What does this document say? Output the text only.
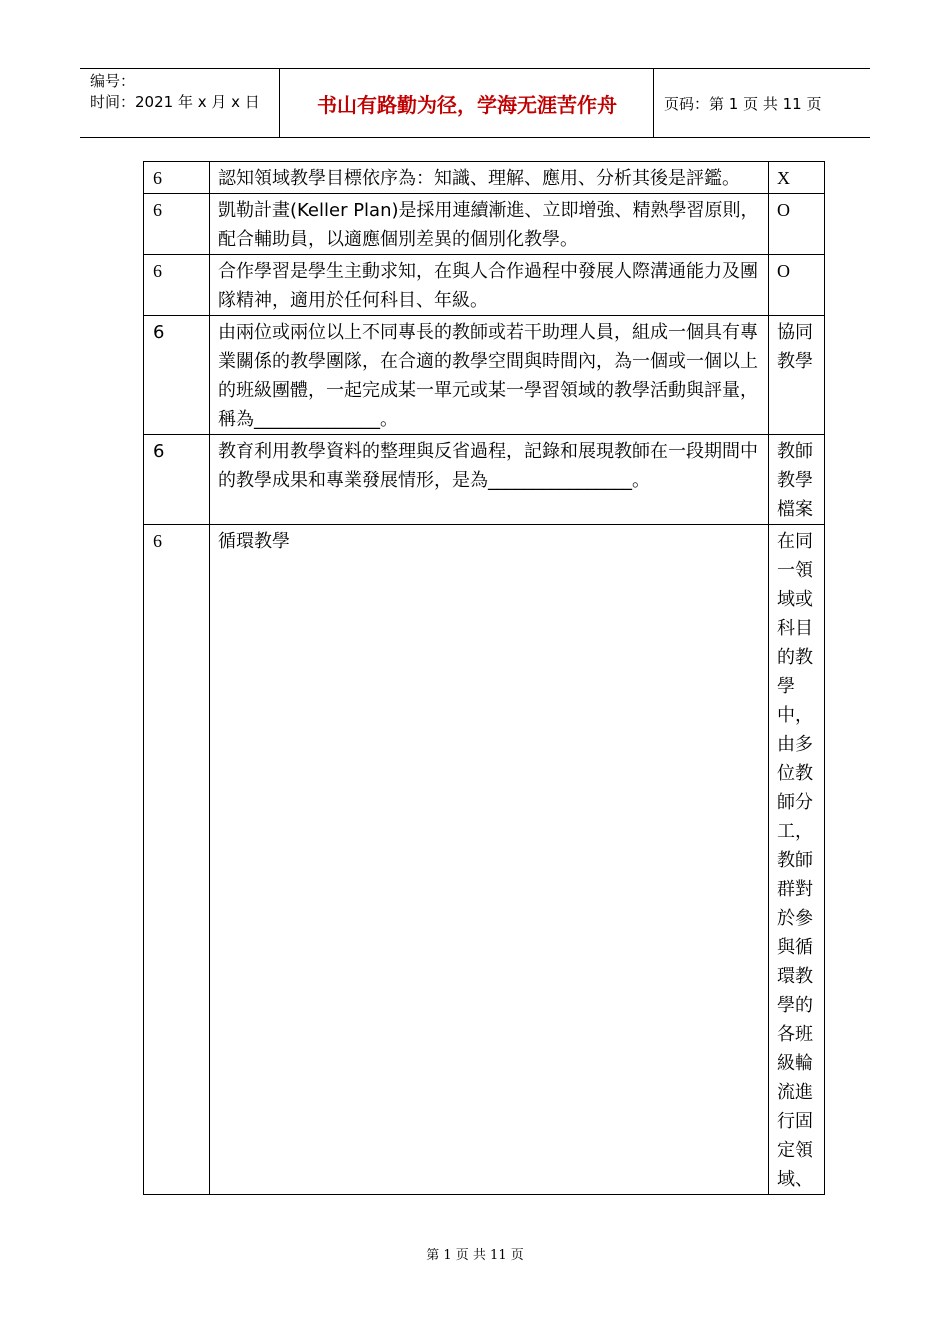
编号：
时间：2021 年 x 月 x 日	书山有路勤为径，学海无涯苦作舟	页码：第 1 页 共 11 页
6	認知領域教學目標依序為：知識、理解、應用、分析其後是評鑑。	X
6	凱勒計畫(Keller Plan)是採用連續漸進、立即增強、精熟學習原則，配合輔助員，以適應個別差異的個別化教學。	O
6	合作學習是學生主動求知，在與人合作過程中發展人際溝通能力及團隊精神，適用於任何科目、年級。	O
6	由兩位或兩位以上不同專長的教師或若干助理人員，組成一個具有專業關係的教學團隊，在合適的教學空間與時間內，為一個或一個以上的班級團體，一起完成某一單元或某一學習領域的教學活動與評量，稱為______________。	協同教學
6	教育利用教學資料的整理與反省過程，記錄和展現教師在一段期間中的教學成果和專業發展情形，是為________________。	教師教學檔案
6	循環教學	在同一領域或科目的教學中，由多位教師分工，教師群對於參與循環教學的各班級輪流進行固定領域、
第 1 页 共 11 页
